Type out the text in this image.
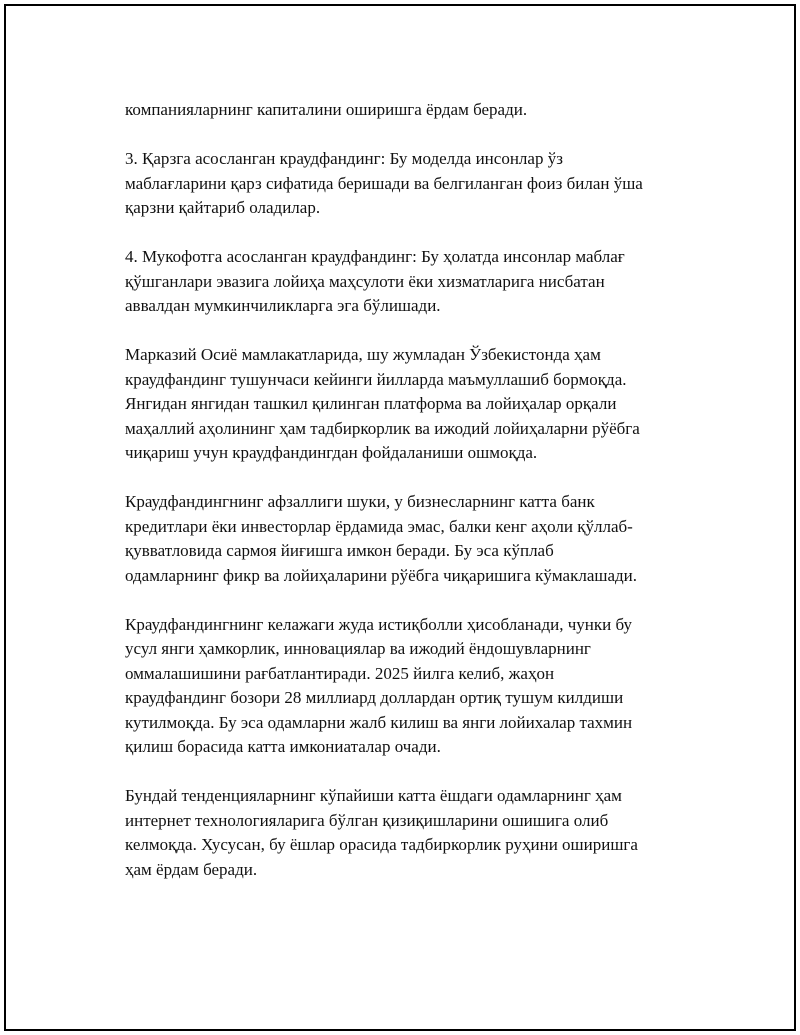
компанияларнинг капиталини оширишга ёрдам беради.

3. Қарзга асосланган краудфандинг: Бу моделда инсонлар ўз
маблағларини қарз сифатида беришади ва белгиланган фоиз билан ўша
қарзни қайтариб оладилар.

4. Мукофотга асосланган краудфандинг: Бу ҳолатда инсонлар маблағ
қўшганлари эвазига лойиҳа маҳсулоти ёки хизматларига нисбатан
аввалдан мумкинчиликларга эга бўлишади.

Марказий Осиё мамлакатларида, шу жумладан Ўзбекистонда ҳам
краудфандинг тушунчаси кейинги йилларда маъмуллашиб бормоқда.
Янгидан янгидан ташкил қилинган платформа ва лойиҳалар орқали
маҳаллий аҳолининг ҳам тадбиркорлик ва ижодий лойиҳаларни рўёбга
чиқариш учун краудфандингдан фойдаланиши ошмоқда.

Краудфандингнинг афзаллиги шуки, у бизнесларнинг катта банк
кредитлари ёки инвесторлар ёрдамида эмас, балки кенг аҳоли қўллаб-
қувватловида сармоя йиғишга имкон беради. Бу эса кўплаб
одамларнинг фикр ва лойиҳаларини рўёбга чиқаришига кўмаклашади.

Краудфандингнинг келажаги жуда истиқболли ҳисобланади, чунки бу
усул янги ҳамкорлик, инновациялар ва ижодий ёндошувларнинг
оммалашишини рағбатлантиради. 2025 йилга келиб, жаҳон
краудфандинг бозори 28 миллиард доллардан ортиқ тушум килдиши
кутилмоқда. Бу эса одамларни жалб килиш ва янги лойихалар тахмин
қилиш борасида катта имкониаталар очади.

Бундай тенденцияларнинг кўпайиши катта ёшдаги одамларнинг ҳам
интернет технологияларига бўлган қизиқишларини ошишига олиб
келмоқда. Хусусан, бу ёшлар орасида тадбиркорлик руҳини оширишга
ҳам ёрдам беради.
